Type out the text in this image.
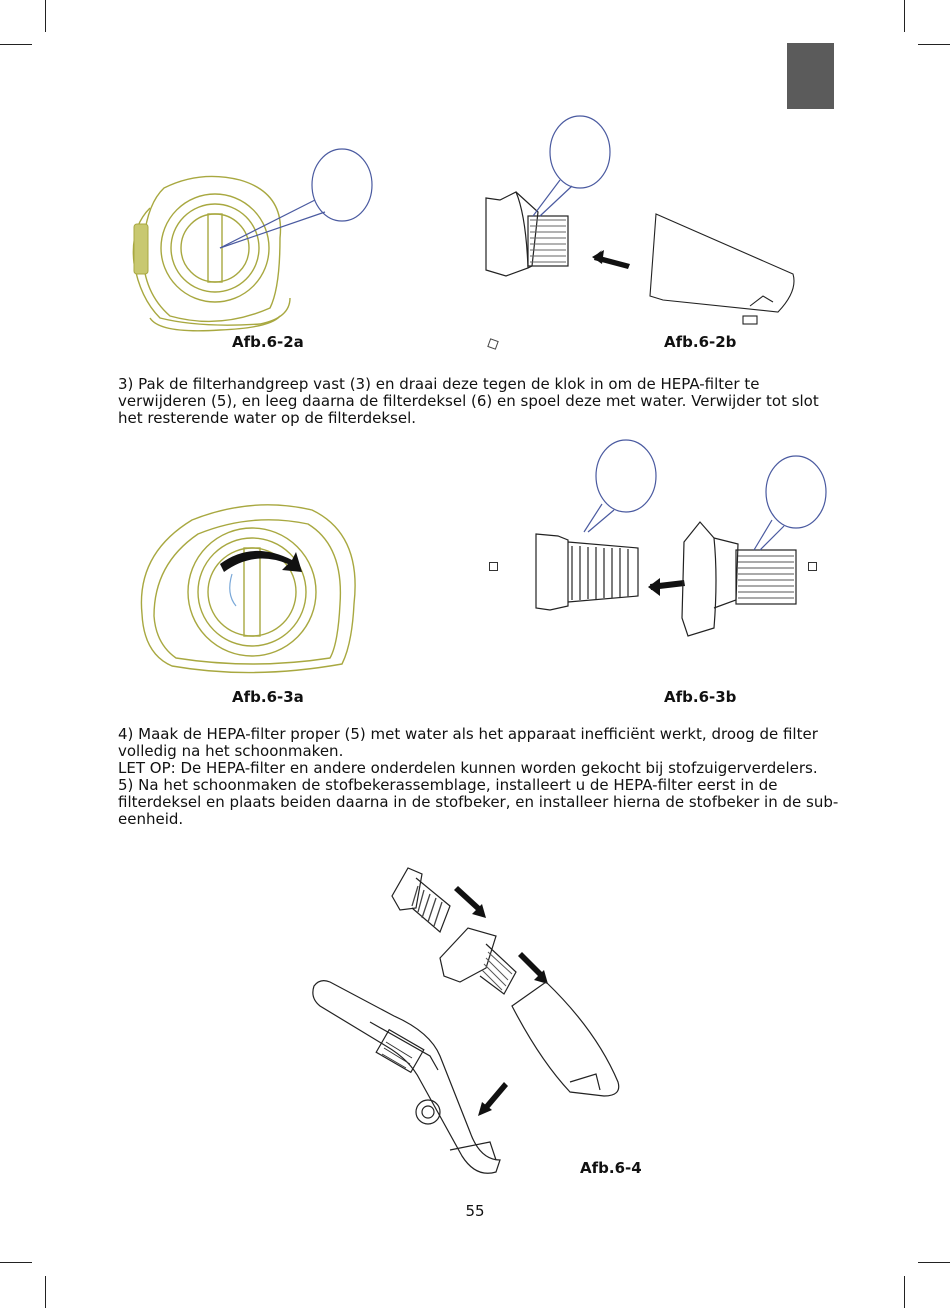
Afb.6-2a	Afb.6-2b
3) Pak de filterhandgreep vast (3) en draai deze tegen de klok in om de HEPA-filter te
verwijderen (5), en leeg daarna de filterdeksel (6) en spoel deze met water. Verwijder tot slot
het resterende water op de filterdeksel.
Afb.6-3a	Afb.6-3b
4) Maak de HEPA-filter proper (5) met water als het apparaat inefficiënt werkt, droog de filter
volledig na het schoonmaken.
LET OP: De HEPA-filter en andere onderdelen kunnen worden gekocht bij stofzuigerverdelers.
5) Na het schoonmaken de stofbekerassemblage, installeert u de HEPA-filter eerst in de
filterdeksel en plaats beiden daarna in de stofbeker, en installeer hierna de stofbeker in de sub-
eenheid.
Afb.6-4
55
